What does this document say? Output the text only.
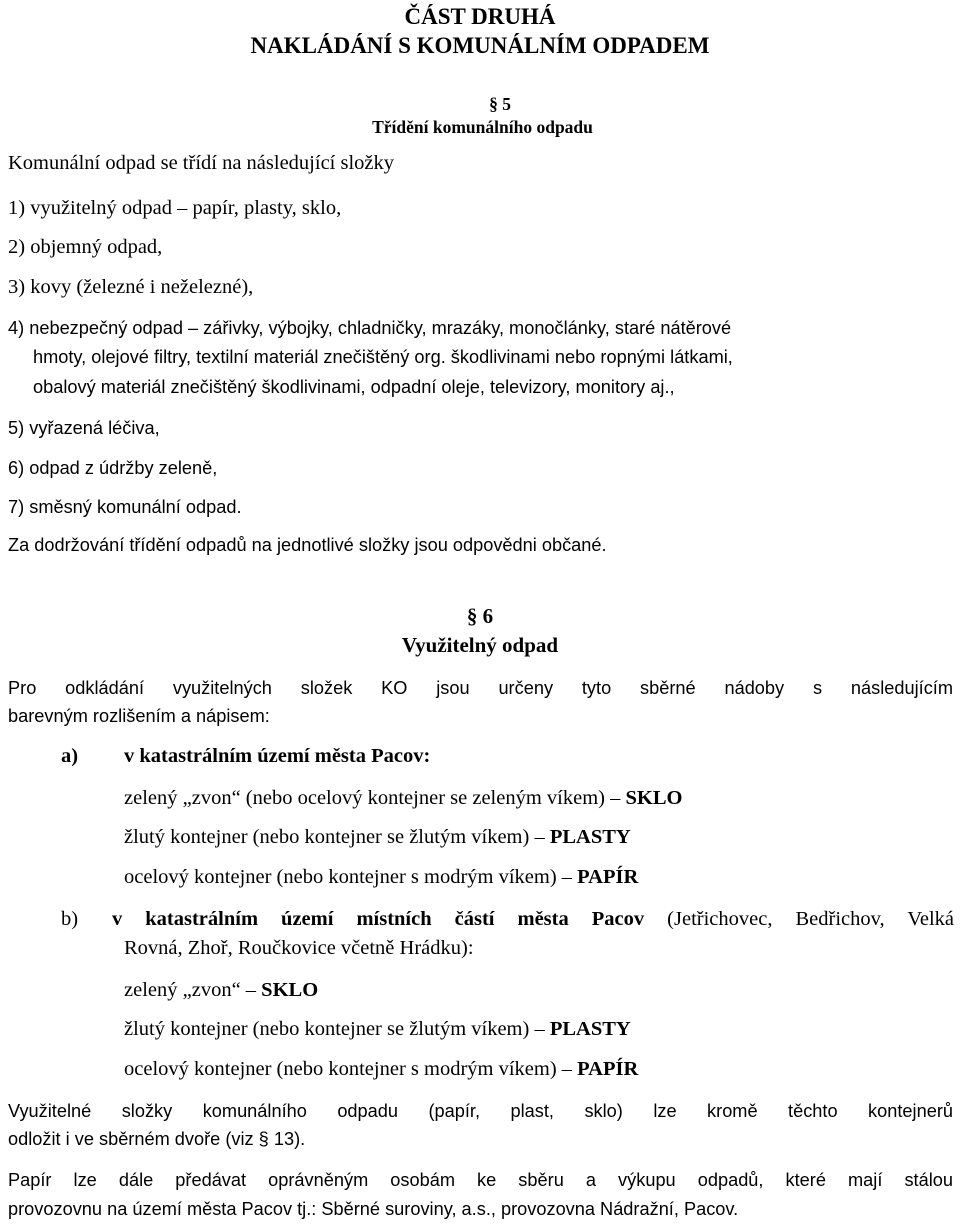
ČÁST DRUHÁ
NAKLÁDÁNÍ S KOMUNÁLNÍM ODPADEM
§ 5
Třídění komunálního odpadu
Komunální odpad se třídí na následující složky
1) využitelný odpad – papír, plasty, sklo,
2) objemný odpad,
3) kovy (železné i neželezné),
4) nebezpečný odpad – zářivky, výbojky, chladničky, mrazáky, monočlánky, staré nátěrové
hmoty, olejové filtry, textilní materiál znečištěný org. škodlivinami nebo ropnými látkami,
obalový materiál znečištěný škodlivinami, odpadní oleje, televizory, monitory aj.,
5) vyřazená léčiva,
6) odpad z údržby zeleně,
7) směsný komunální odpad.
Za dodržování třídění odpadů na jednotlivé složky jsou odpovědni občané.
§ 6
Využitelný odpad
Pro odkládání využitelných složek KO jsou určeny tyto sběrné nádoby s následujícím
barevným rozlišením a nápisem:
a) v katastrálním území města Pacov:
zelený „zvon“ (nebo ocelový kontejner se zeleným víkem) – SKLO
žlutý kontejner (nebo kontejner se žlutým víkem) – PLASTY
ocelový kontejner (nebo kontejner s modrým víkem) – PAPÍR
b) v katastrálním území místních částí města Pacov (Jetřichovec, Bedřichov, Velká
Rovná, Zhoř, Roučkovice včetně Hrádku):
zelený „zvon“ – SKLO
žlutý kontejner (nebo kontejner se žlutým víkem) – PLASTY
ocelový kontejner (nebo kontejner s modrým víkem) – PAPÍR
Využitelné složky komunálního odpadu (papír, plast, sklo) lze kromě těchto kontejnerů
odložit i ve sběrném dvoře (viz § 13).
Papír lze dále předávat oprávněným osobám ke sběru a výkupu odpadů, které mají stálou
provozovnu na území města Pacov tj.: Sběrné suroviny, a.s., provozovna Nádražní, Pacov.
